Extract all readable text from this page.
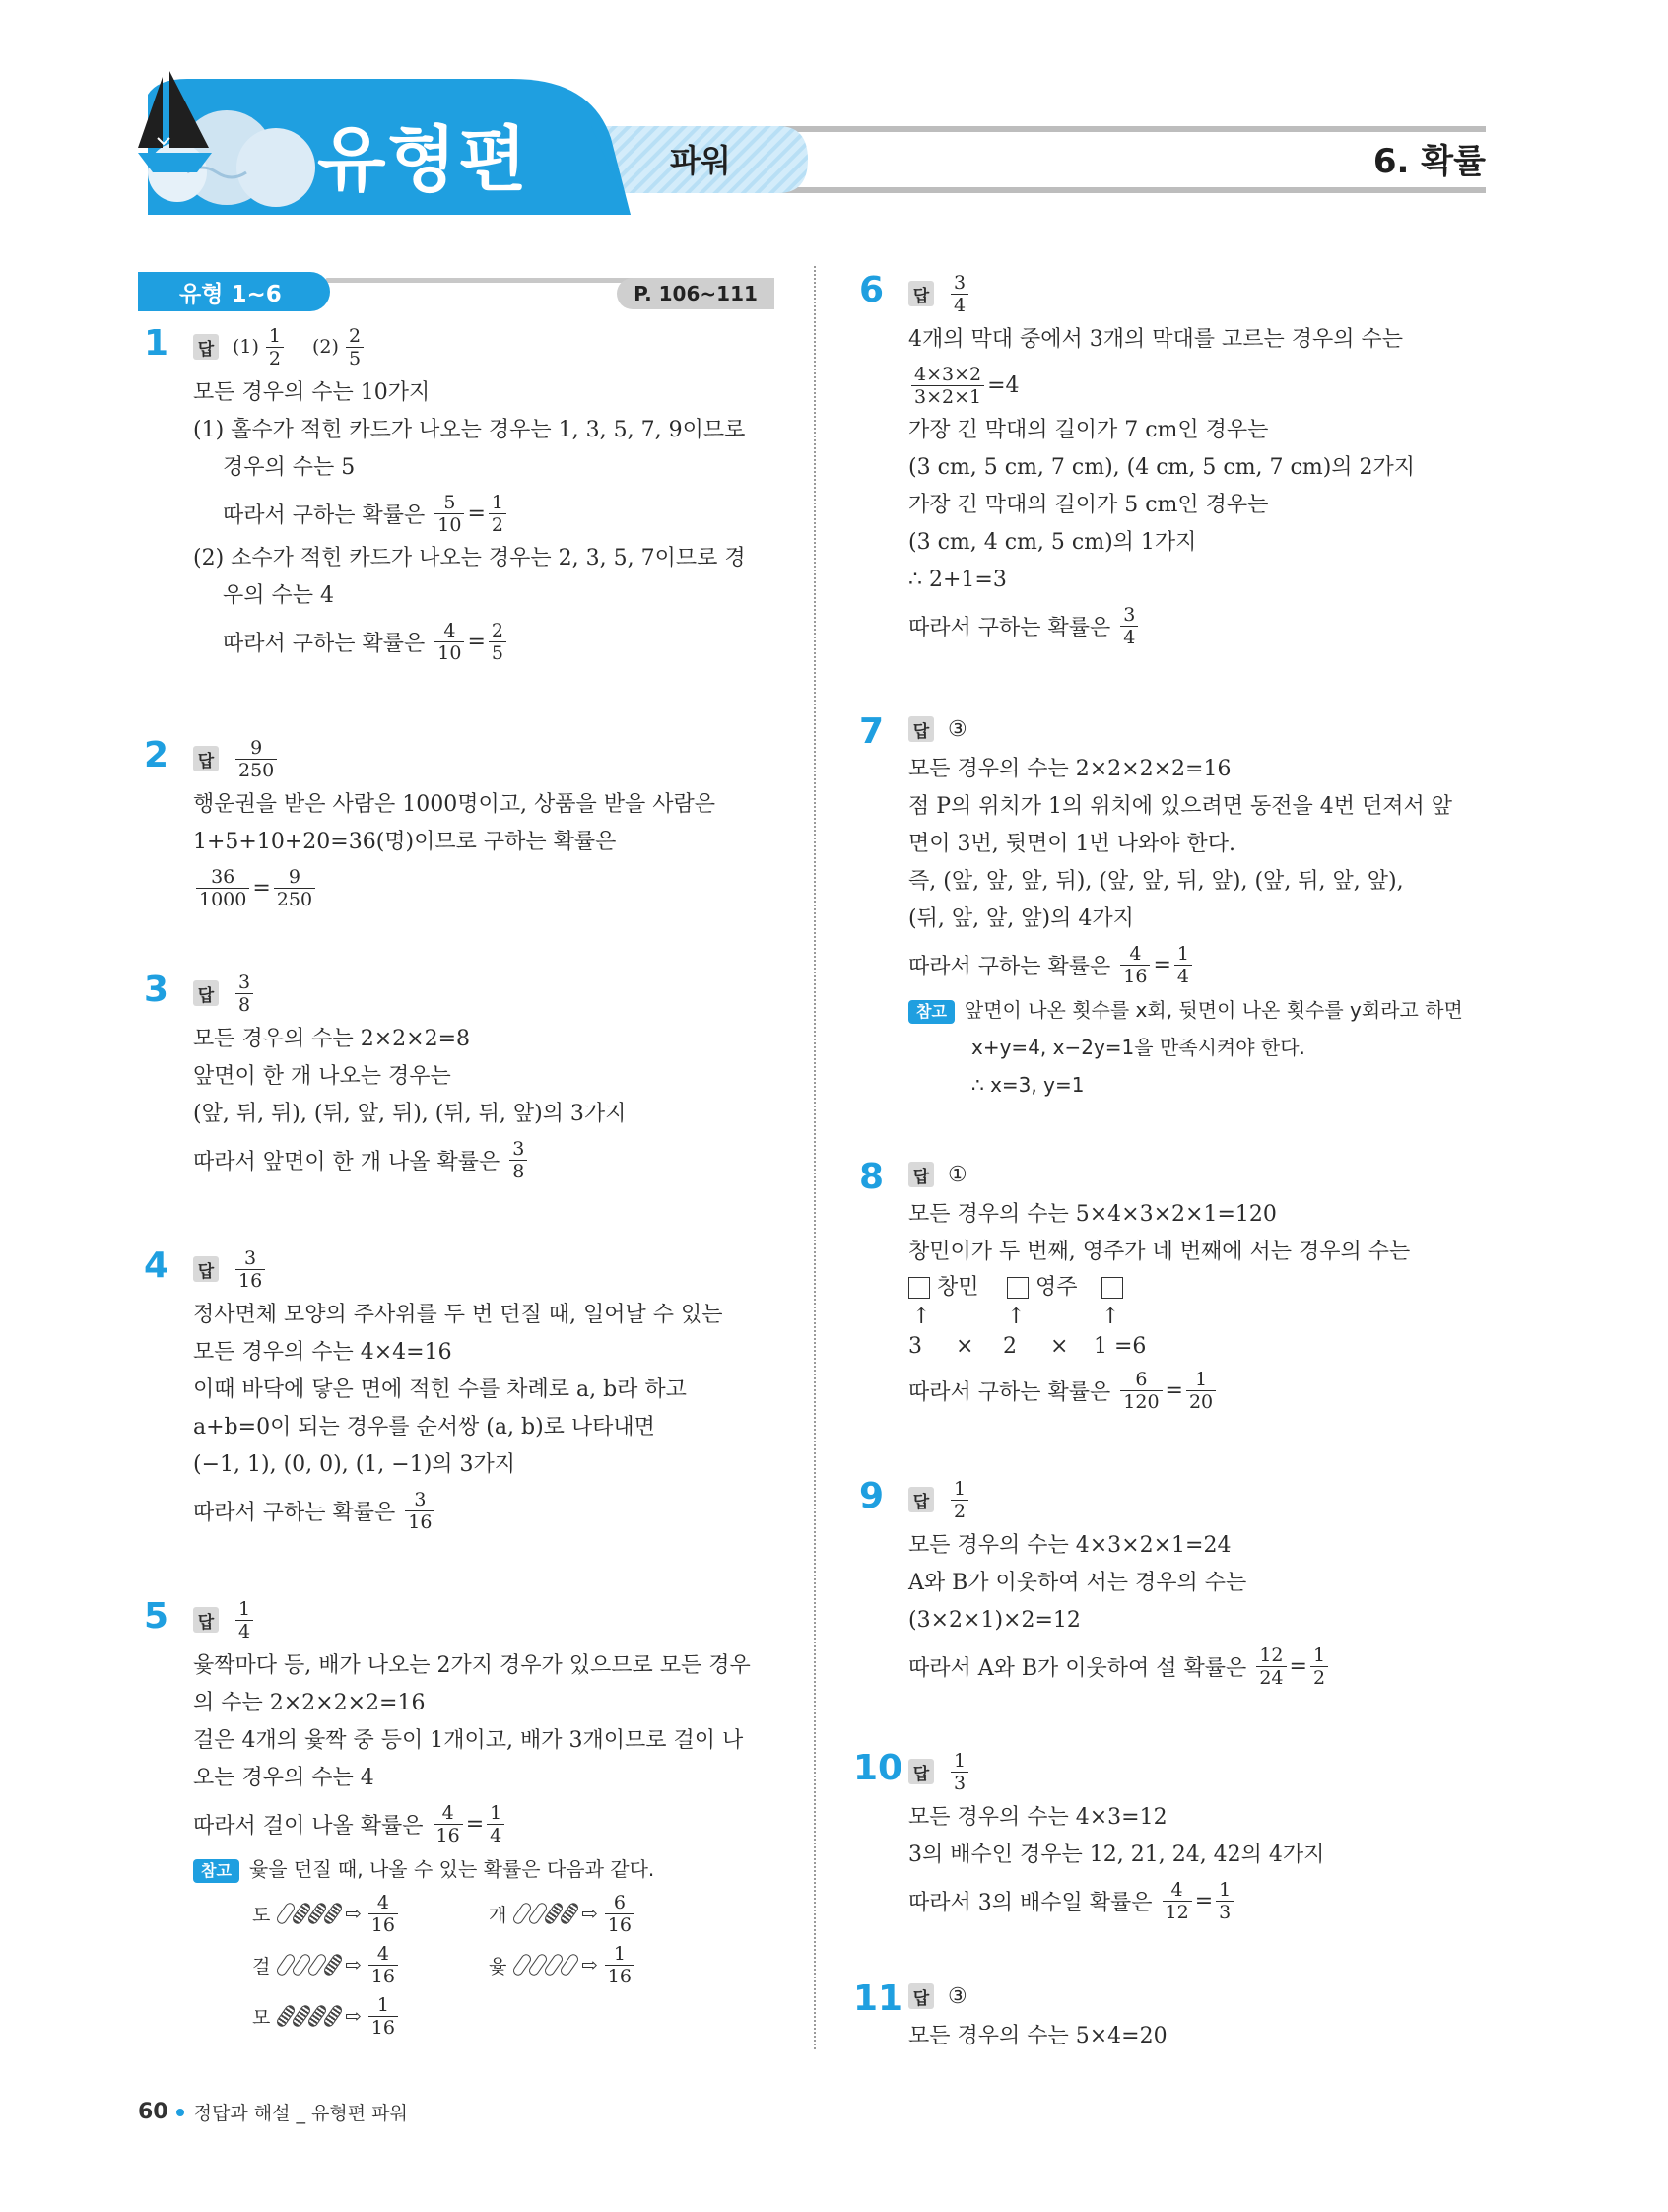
유형편	파워	6. 확률
유형 1~6	P. 106~111
1	답 $(1) \frac{1}{2} (2) \frac{2}{5}$
모든 경우의 수는 10가지
(1) 홀수가 적힌 카드가 나오는 경우는 1, 3, 5, 7, 9이므로
경우의 수는 5
따라서 구하는 확률은
$\frac{5}{10} = \frac{1}{2}$
(2) 소수가 적힌 카드가 나오는 경우는 2, 3, 5, 7이므로 경
우의 수는 4
따라서 구하는 확률은
$\frac{4}{10} = \frac{2}{5}$
2	답 $\frac{9}{250}$
행운권을 받은 사람은 1000명이고, 상품을 받을 사람은
1+5+10+20=36(명)이므로 구하는 확률은
$\frac{36}{1000} = \frac{9}{250}$
3	답 $\frac{3}{8}$
모든 경우의 수는 2×2×2=8
앞면이 한 개 나오는 경우는
(앞, 뒤, 뒤), (뒤, 앞, 뒤), (뒤, 뒤, 앞)의 3가지
따라서 앞면이 한 개 나올 확률은
$\frac{3}{8}$
4	답 $\frac{3}{16}$
정사면체 모양의 주사위를 두 번 던질 때, 일어날 수 있는
모든 경우의 수는 4×4=16
이때 바닥에 닿은 면에 적힌 수를 차례로 a, b라 하고
a+b=0이 되는 경우를 순서쌍 (a, b)로 나타내면
(−1, 1), (0, 0), (1, −1)의 3가지
따라서 구하는 확률은
$\frac{3}{16}$
5	답 $\frac{1}{4}$
윷짝마다 등, 배가 나오는 2가지 경우가 있으므로 모든 경우
의 수는 2×2×2×2=16
걸은 4개의 윷짝 중 등이 1개이고, 배가 3개이므로 걸이 나
오는 경우의 수는 4
따라서 걸이 나올 확률은
$\frac{4}{16} = \frac{1}{4}$
참고 윷을 던질 때, 나올 수 있는 확률은 다음과 같다.
도	⇨ $\frac{4}{16}$	개	⇨ $\frac{6}{16}$
걸	⇨ $\frac{4}{16}$	윷	⇨ $\frac{1}{16}$
모	⇨ $\frac{1}{16}$
6	답 $\frac{3}{4}$
4개의 막대 중에서 3개의 막대를 고르는 경우의 수는
$\frac{4\times 3\times 2}{3\times 2\times 1} =4$
가장 긴 막대의 길이가 7 cm인 경우는
(3 cm, 5 cm, 7 cm), (4 cm, 5 cm, 7 cm)의 2가지
가장 긴 막대의 길이가 5 cm인 경우는
(3 cm, 4 cm, 5 cm)의 1가지
∴ 2+1=3
따라서 구하는 확률은
$\frac{3}{4}$
7	답 ③
모든 경우의 수는 2×2×2×2=16
점 P의 위치가 1의 위치에 있으려면 동전을 4번 던져서 앞
면이 3번, 뒷면이 1번 나와야 한다.
즉, (앞, 앞, 앞, 뒤), (앞, 앞, 뒤, 앞), (앞, 뒤, 앞, 앞),
(뒤, 앞, 앞, 앞)의 4가지
따라서 구하는 확률은
$\frac{4}{16} = \frac{1}{4}$
참고 앞면이 나온 횟수를 x회, 뒷면이 나온 횟수를 y회라고 하면
x+y=4, x−2y=1을 만족시켜야 한다.
∴ x=3, y=1
8	답 ①
모든 경우의 수는 5×4×3×2×1=120
창민이가 두 번째, 영주가 네 번째에 서는 경우의 수는
창민	영주
↑	↑	↑
3	×	2	×	1 =6
따라서 구하는 확률은
$\frac{6}{120} = \frac{1}{20}$
9	답 $\frac{1}{2}$
모든 경우의 수는 4×3×2×1=24
A와 B가 이웃하여 서는 경우의 수는
(3×2×1)×2=12
따라서 A와 B가 이웃하여 설 확률은
$\frac{12}{24} = \frac{1}{2}$
10 답 $\frac{1}{3}$
모든 경우의 수는 4×3=12
3의 배수인 경우는 12, 21, 24, 42의 4가지
따라서 3의 배수일 확률은
$\frac{4}{12} = \frac{1}{3}$
11 답 ③
모든 경우의 수는 5×4=20
60 정답과 해설 _ 유형편 파워
